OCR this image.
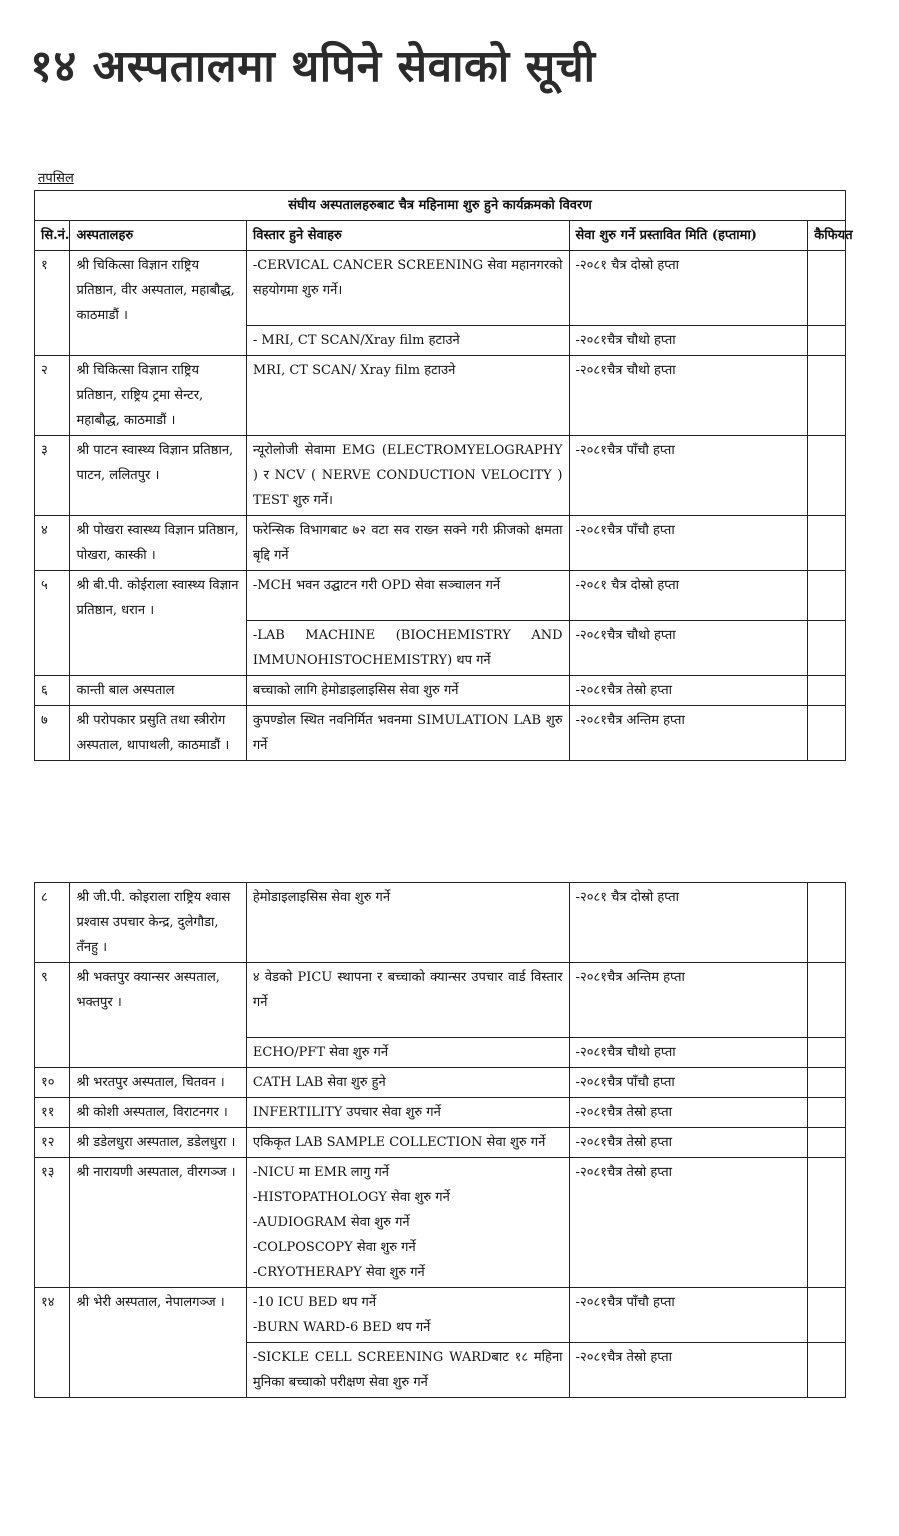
१४ अस्पतालमा थपिने सेवाको सूची
तपसिल
संघीय अस्पतालहरुबाट चैत्र महिनामा शुरु हुने कार्यक्रमको विवरण				
सि.नं.	अस्पतालहरु	विस्तार हुने सेवाहरु	सेवा शुरु गर्ने प्रस्तावित मिति (हप्तामा)	कैफियत
१	श्री चिकित्सा विज्ञान राष्ट्रिय प्रतिष्ठान, वीर अस्पताल, महाबौद्ध, काठमाडौं ।	-CERVICAL CANCER SCREENING सेवा महानगरको सहयोगमा शुरु गर्ने।	-२०८१ चैत्र दोस्रो हप्ता	
		- MRI, CT SCAN/Xray film हटाउने	-२०८१चैत्र चौथो हप्ता	
२	श्री चिकित्सा विज्ञान राष्ट्रिय प्रतिष्ठान, राष्ट्रिय ट्रमा सेन्टर, महाबौद्ध, काठमाडौं ।	MRI, CT SCAN/ Xray film हटाउने	-२०८१चैत्र चौथो हप्ता	
३	श्री पाटन स्वास्थ्य विज्ञान प्रतिष्ठान, पाटन, ललितपुर ।	न्यूरोलोजी सेवामा EMG (ELECTROMYELOGRAPHY ) र NCV ( NERVE CONDUCTION VELOCITY ) TEST शुरु गर्ने।	-२०८१चैत्र पाँचौ हप्ता	
४	श्री पोखरा स्वास्थ्य विज्ञान प्रतिष्ठान, पोखरा, कास्की ।	फरेन्सिक विभागबाट ७२ वटा सव राख्न सक्ने गरी फ्रीजको क्षमता बृद्दि गर्ने	-२०८१चैत्र पाँचौ हप्ता	
५	श्री बी.पी. कोईराला स्वास्थ्य विज्ञान प्रतिष्ठान, धरान ।	-MCH भवन उद्घाटन गरी OPD सेवा सञ्चालन गर्ने	-२०८१ चैत्र दोस्रो हप्ता	
		-LAB MACHINE (BIOCHEMISTRY AND IMMUNOHISTOCHEMISTRY) थप गर्ने	-२०८१चैत्र चौथो हप्ता	
६	कान्ती बाल अस्पताल	बच्चाको लागि हेमोडाइलाइसिस सेवा शुरु गर्ने	-२०८१चैत्र तेस्रो हप्ता	
७	श्री परोपकार प्रसुति तथा स्त्रीरोग अस्पताल, थापाथली, काठमाडौं ।	कुपण्डोल स्थित नवनिर्मित भवनमा SIMULATION LAB शुरु गर्ने	-२०८१चैत्र अन्तिम हप्ता	
८	श्री जी.पी. कोइराला राष्ट्रिय श्वास प्रश्वास उपचार केन्द्र, दुलेगौडा, तँनहु ।	हेमोडाइलाइसिस सेवा शुरु गर्ने	-२०८१ चैत्र दोस्रो हप्ता	
९	श्री भक्तपुर क्यान्सर अस्पताल, भक्तपुर ।	४ वेडको PICU स्थापना र बच्चाको क्यान्सर उपचार वार्ड विस्तार गर्ने	-२०८१चैत्र अन्तिम हप्ता	
		ECHO/PFT सेवा शुरु गर्ने	-२०८१चैत्र चौथो हप्ता	
१०	श्री भरतपुर अस्पताल, चितवन ।	CATH LAB सेवा शुरु हुने	-२०८१चैत्र पाँचौ हप्ता	
११	श्री कोशी अस्पताल, विराटनगर ।	INFERTILITY उपचार सेवा शुरु गर्ने	-२०८१चैत्र तेस्रो हप्ता	
१२	श्री डडेलधुरा अस्पताल, डडेलधुरा ।	एकिकृत LAB SAMPLE COLLECTION सेवा शुरु गर्ने	-२०८१चैत्र तेस्रो हप्ता	
१३	श्री नारायणी अस्पताल, वीरगञ्ज ।	-NICU मा EMR लागु गर्ने
-HISTOPATHOLOGY सेवा शुरु गर्ने
-AUDIOGRAM सेवा शुरु गर्ने
-COLPOSCOPY सेवा शुरु गर्ने
-CRYOTHERAPY सेवा शुरु गर्ने	-२०८१चैत्र तेस्रो हप्ता	
१४	श्री भेरी अस्पताल, नेपालगञ्ज ।	-10 ICU BED थप गर्ने
-BURN WARD-6 BED थप गर्ने	-२०८१चैत्र पाँचौ हप्ता	
		-SICKLE CELL SCREENING WARDबाट १८ महिना मुनिका बच्चाको परीक्षण सेवा शुरु गर्ने	-२०८१चैत्र तेस्रो हप्ता	
